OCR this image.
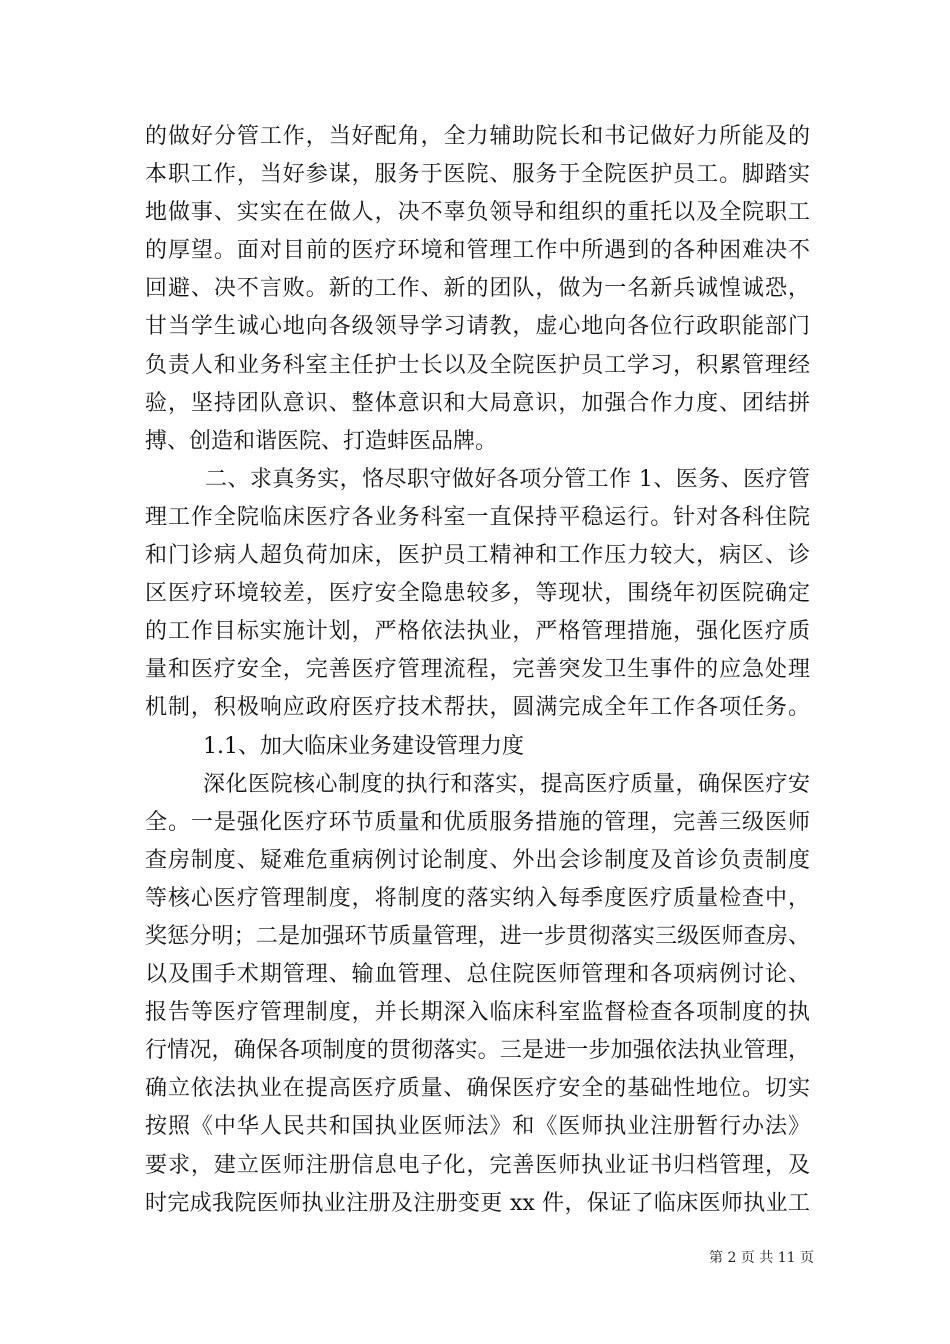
的做好分管工作，当好配角，全力辅助院长和书记做好力所能及的
本职工作，当好参谋，服务于医院、服务于全院医护员工。脚踏实
地做事、实实在在做人，决不辜负领导和组织的重托以及全院职工
的厚望。面对目前的医疗环境和管理工作中所遇到的各种困难决不
回避、决不言败。新的工作、新的团队，做为一名新兵诚惶诚恐，
甘当学生诚心地向各级领导学习请教，虚心地向各位行政职能部门
负责人和业务科室主任护士长以及全院医护员工学习，积累管理经
验，坚持团队意识、整体意识和大局意识，加强合作力度、团结拼
搏、创造和谐医院、打造蚌医品牌。
二、求真务实，恪尽职守做好各项分管工作 1、医务、医疗管
理工作全院临床医疗各业务科室一直保持平稳运行。针对各科住院
和门诊病人超负荷加床，医护员工精神和工作压力较大，病区、诊
区医疗环境较差，医疗安全隐患较多，等现状，围绕年初医院确定
的工作目标实施计划，严格依法执业，严格管理措施，强化医疗质
量和医疗安全，完善医疗管理流程，完善突发卫生事件的应急处理
机制，积极响应政府医疗技术帮扶，圆满完成全年工作各项任务。
1.1、加大临床业务建设管理力度
深化医院核心制度的执行和落实，提高医疗质量，确保医疗安
全。一是强化医疗环节质量和优质服务措施的管理，完善三级医师
查房制度、疑难危重病例讨论制度、外出会诊制度及首诊负责制度
等核心医疗管理制度，将制度的落实纳入每季度医疗质量检查中，
奖惩分明；二是加强环节质量管理，进一步贯彻落实三级医师查房、
以及围手术期管理、输血管理、总住院医师管理和各项病例讨论、
报告等医疗管理制度，并长期深入临床科室监督检查各项制度的执
行情况，确保各项制度的贯彻落实。三是进一步加强依法执业管理，
确立依法执业在提高医疗质量、确保医疗安全的基础性地位。切实
按照《中华人民共和国执业医师法》和《医师执业注册暂行办法》
要求，建立医师注册信息电子化，完善医师执业证书归档管理，及
时完成我院医师执业注册及注册变更 xx 件，保证了临床医师执业工
第 2 页 共 11 页
